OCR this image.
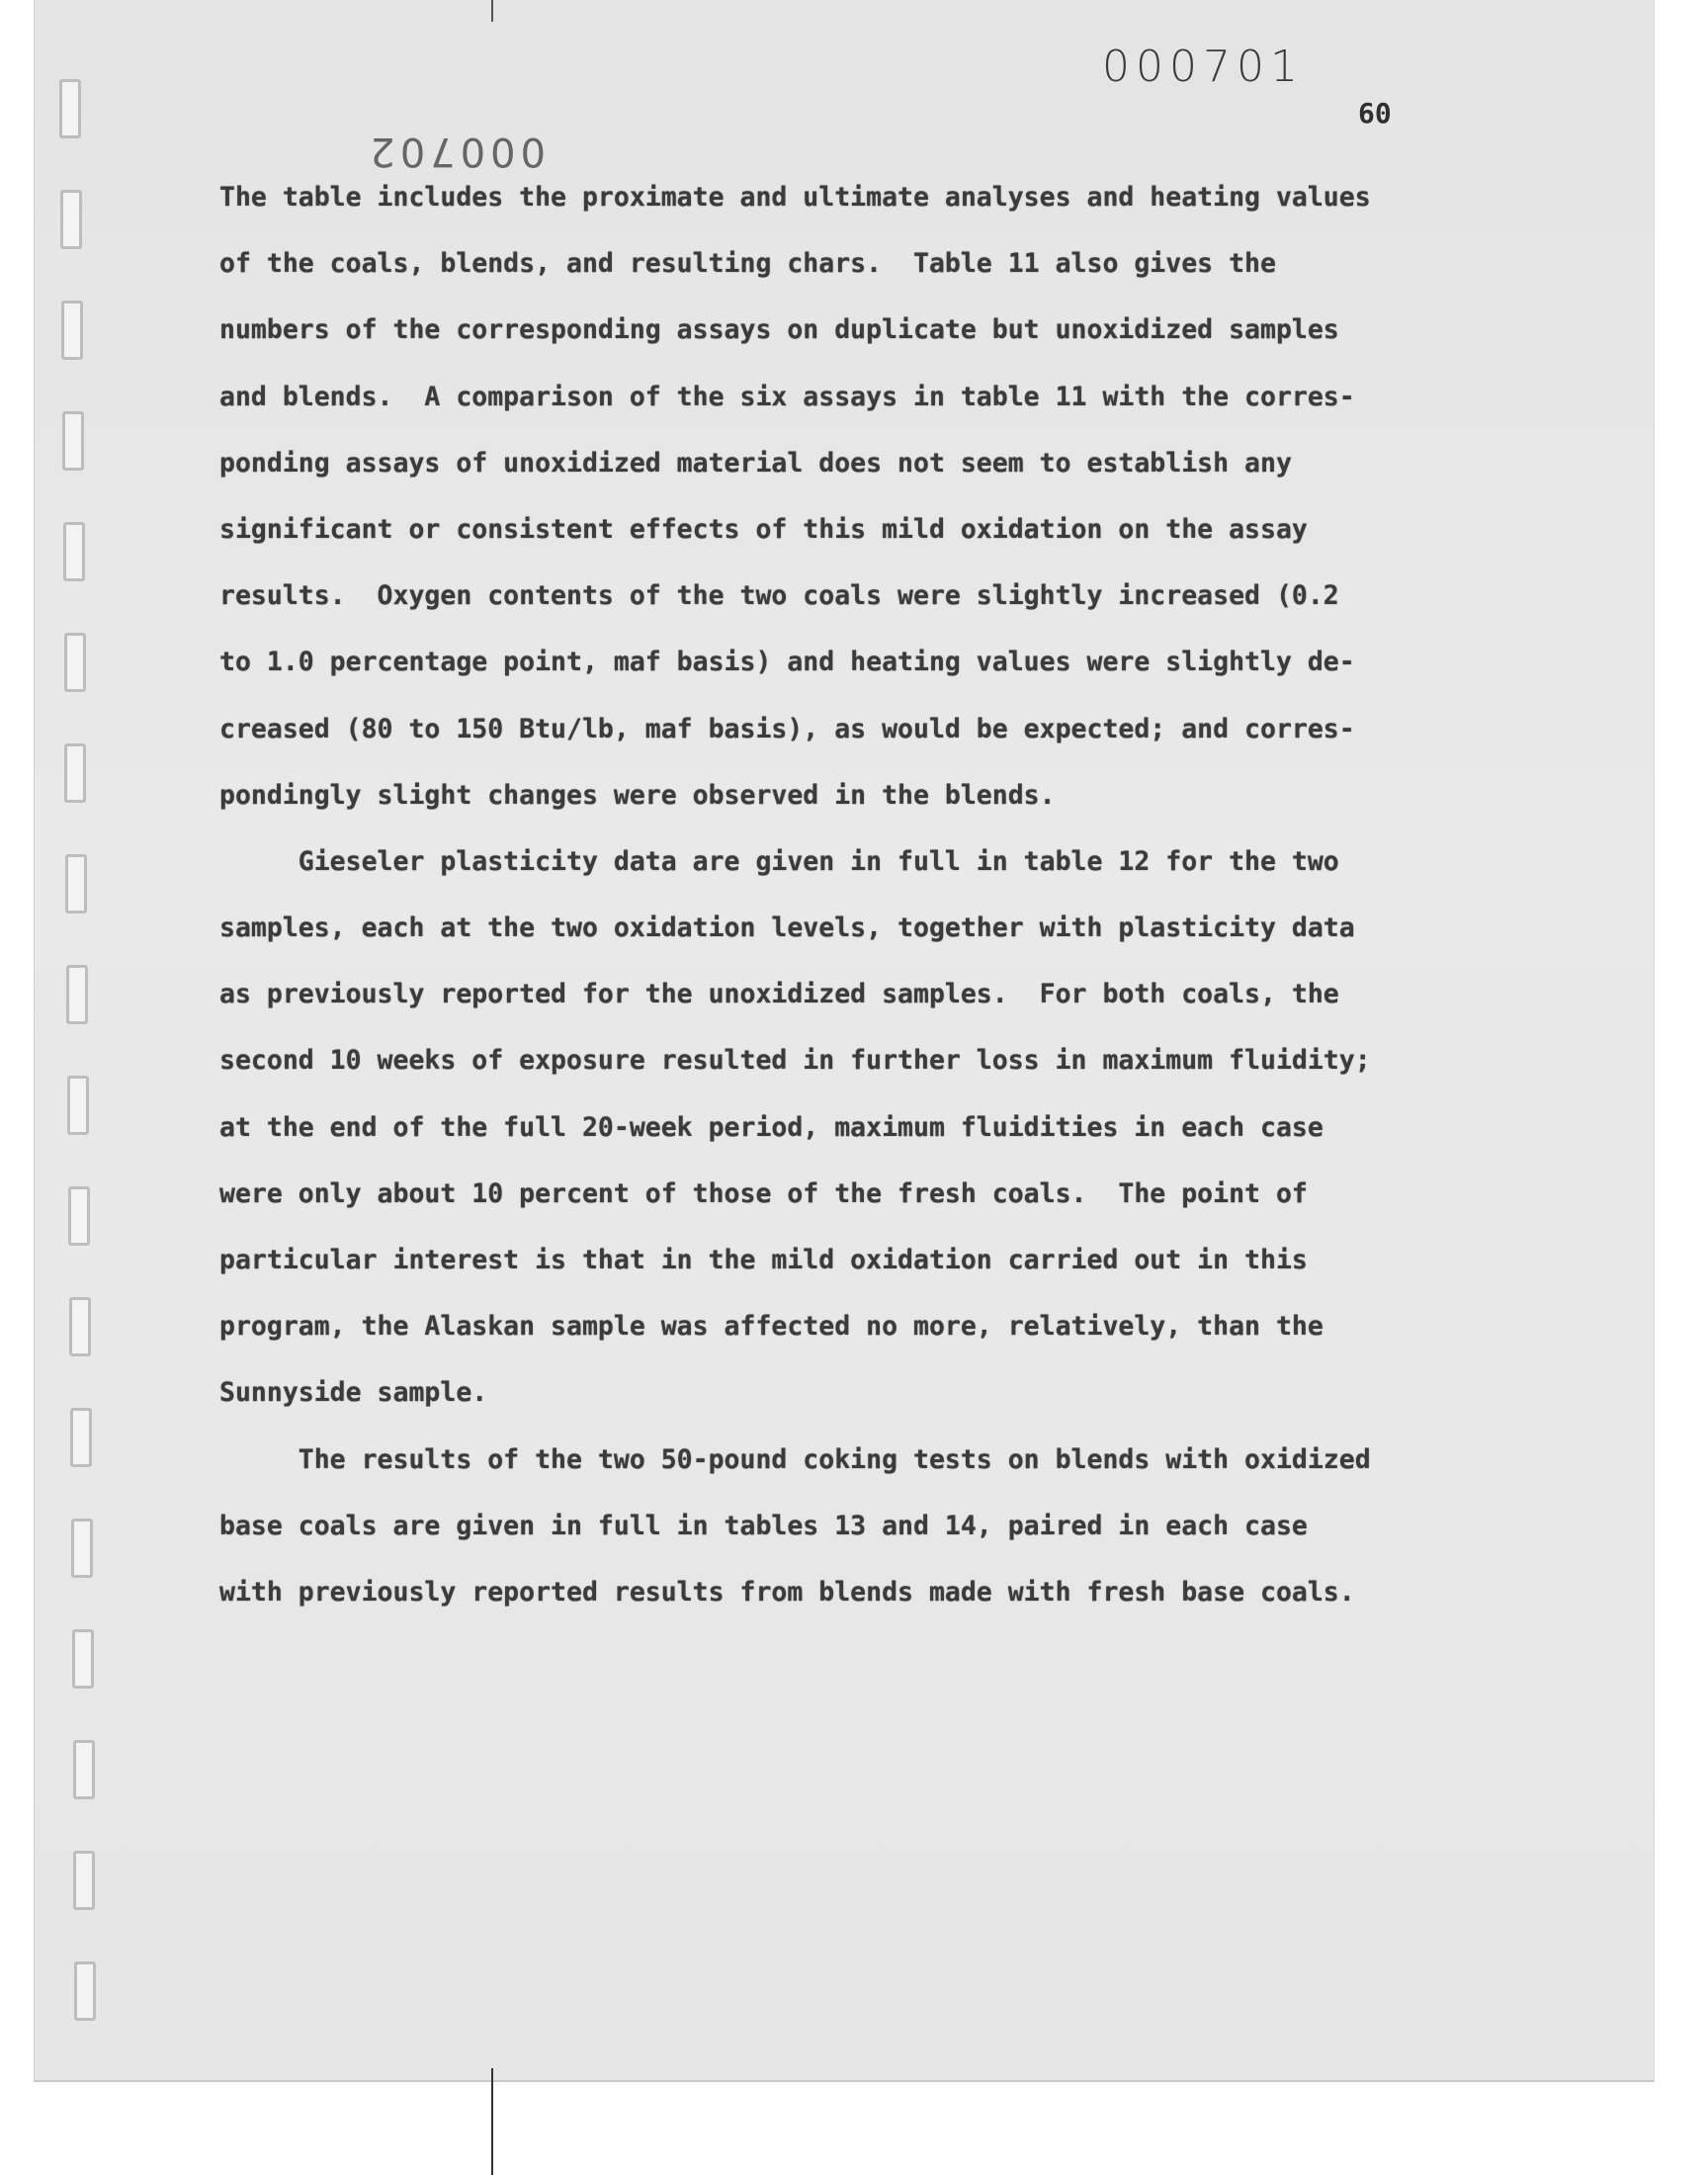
000701
000702
60
The table includes the proximate and ultimate analyses and heating values
of the coals, blends, and resulting chars.  Table 11 also gives the
numbers of the corresponding assays on duplicate but unoxidized samples
and blends.  A comparison of the six assays in table 11 with the corres-
ponding assays of unoxidized material does not seem to establish any
significant or consistent effects of this mild oxidation on the assay
results.  Oxygen contents of the two coals were slightly increased (0.2
to 1.0 percentage point, maf basis) and heating values were slightly de-
creased (80 to 150 Btu/lb, maf basis), as would be expected; and corres-
pondingly slight changes were observed in the blends.
Gieseler plasticity data are given in full in table 12 for the two
samples, each at the two oxidation levels, together with plasticity data
as previously reported for the unoxidized samples.  For both coals, the
second 10 weeks of exposure resulted in further loss in maximum fluidity;
at the end of the full 20-week period, maximum fluidities in each case
were only about 10 percent of those of the fresh coals.  The point of
particular interest is that in the mild oxidation carried out in this
program, the Alaskan sample was affected no more, relatively, than the
Sunnyside sample.
The results of the two 50-pound coking tests on blends with oxidized
base coals are given in full in tables 13 and 14, paired in each case
with previously reported results from blends made with fresh base coals.
